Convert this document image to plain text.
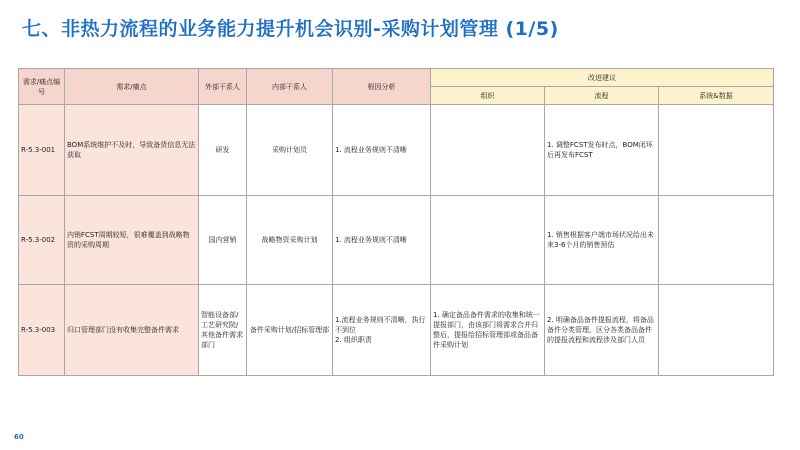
七、非热力流程的业务能力提升机会识别-采购计划管理 (1/5)
需求/痛点编号	需求/痛点	外部干系人	内部干系人	根因分析	改进建议		
					组织	流程	系统&数据
R-5.3-001	BOM系统维护不及时，导致备货信息无法获取	研发	采购计划员	1. 流程业务规则不清晰		1. 调整FCST发布时点，BOM闭环后再发布FCST	
R-5.3-002	内销FCST周期较短，很难覆盖到战略物资的采购周期	国内营销	战略物资采购计划	1. 流程业务规则不清晰		1. 销售根据客户端市场状况给出未来3-6个月的销售预估	
R-5.3-003	归口管理部门没有收集完整备件需求	智能设备部/工艺研究院/其他备件需求部门	备件采购计划/招标管理部	1.流程业务规则不清晰，执行不到位
2. 组织职责	1. 确定备品备件需求的收集和统一提报部门，由该部门将需求合并归整后，提报给招标管理部或备品备件采购计划	2. 明确备品备件提报流程，将备品备件分类管理，区分各类备品备件的提报流程和流程涉及部门人员	
60
